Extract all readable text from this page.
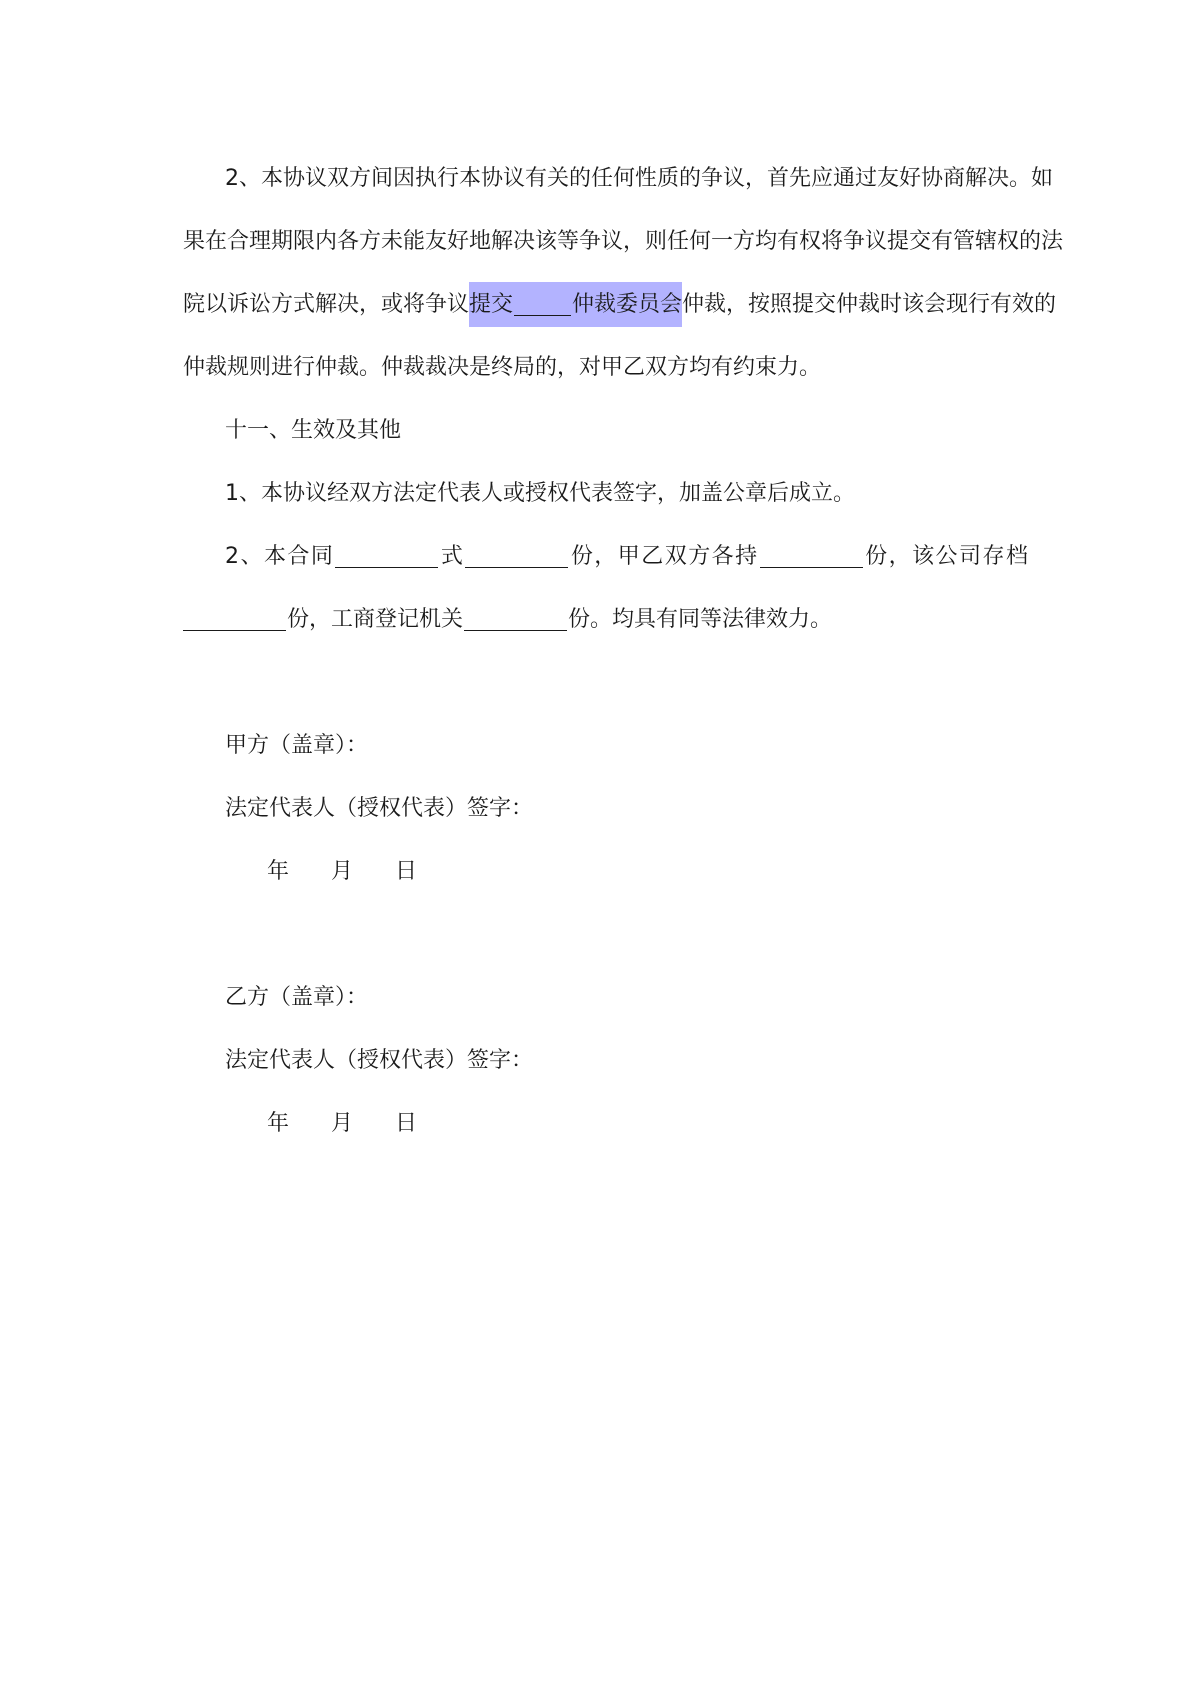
2、本协议双方间因执行本协议有关的任何性质的争议，首先应通过友好协商解决。如

果在合理期限内各方未能友好地解决该等争议，则任何一方均有权将争议提交有管辖权的法

院以诉讼方式解决，或将争议提交	仲裁委员会仲裁，按照提交仲裁时该会现行有效的

仲裁规则进行仲裁。仲裁裁决是终局的，对甲乙双方均有约束力。

十一、生效及其他

1、本协议经双方法定代表人或授权代表签字，加盖公章后成立。

2、本合同	式	份，甲乙双方各持	份，该公司存档

份，工商登记机关	份。均具有同等法律效力。

甲方（盖章）：

法定代表人（授权代表）签字：

年 月 日

乙方（盖章）：

法定代表人（授权代表）签字：

年 月 日
